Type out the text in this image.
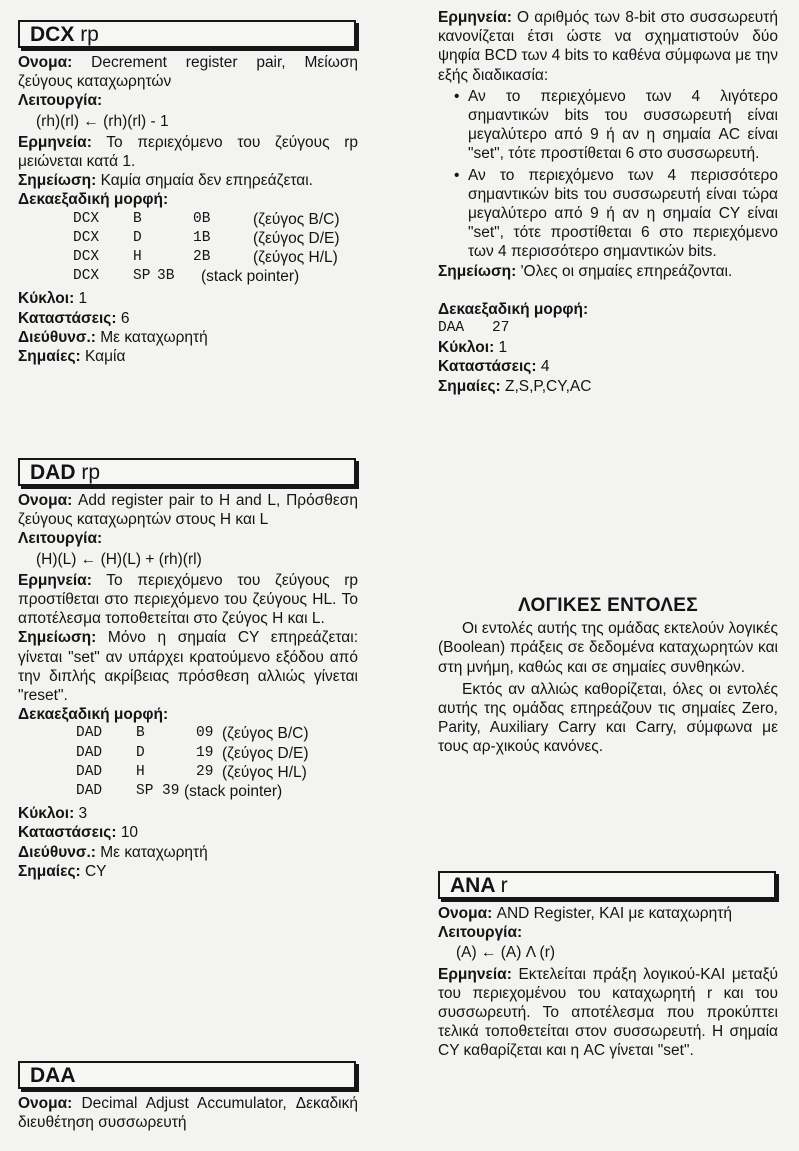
DCX rp

Ονομα: Decrement register pair, Μείωση ζεύγους καταχωρητών

Λειτουργία:

(rh)(rl) ← (rh)(rl) - 1

Ερμηνεία: Το περιεχόμενο του ζεύγους rp μειώνεται κατά 1.

Σημείωση: Καμία σημαία δεν επηρεάζεται.

Δεκαεξαδική μορφή:

DCX	B	0B	(ζεύγος B/C)
DCX	D	1B	(ζεύγος D/E)
DCX	H	2B	(ζεύγος H/L)
DCX	SP 3B	(stack pointer)

Κύκλοι: 1

Καταστάσεις: 6

Διεύθυνσ.: Με καταχωρητή

Σημαίες: Καμία

DAD rp

Ονομα: Add register pair to H and L, Πρόσθεση ζεύγους καταχωρητών στους H και L

Λειτουργία:

(H)(L) ← (H)(L) + (rh)(rl)

Ερμηνεία: Το περιεχόμενο του ζεύγους rp προστίθεται στο περιεχόμενο του ζεύγους HL. Το αποτέλεσμα τοποθετείται στο ζεύγος H και L.

Σημείωση: Μόνο η σημαία CY επηρεάζεται: γίνεται "set" αν υπάρχει κρατούμενο εξόδου από την διπλής ακρίβειας πρόσθεση αλλιώς γίνεται "reset".

Δεκαεξαδική μορφή:

DAD	B	09 (ζεύγος B/C)
DAD	D	19 (ζεύγος D/E)
DAD	H	29 (ζεύγος H/L)
DAD	SP 39 (stack pointer)

Κύκλοι: 3

Καταστάσεις: 10

Διεύθυνσ.: Με καταχωρητή

Σημαίες: CY

DAA

Ονομα: Decimal Adjust Accumulator, Δεκαδική διευθέτηση συσσωρευτή

Ερμηνεία: Ο αριθμός των 8-bit στο συσσωρευτή κανονίζεται έτσι ώστε να σχηματιστούν δύο ψηφία BCD των 4 bits το καθένα σύμφωνα με την εξής διαδικασία:

• Αν το περιεχόμενο των 4 λιγότερο σημαντικών bits του συσσωρευτή είναι μεγαλύτερο από 9 ή αν η σημαία AC είναι "set", τότε προστίθεται 6 στο συσσωρευτή.

• Αν το περιεχόμενο των 4 περισσότερο σημαντικών bits του συσσωρευτή είναι τώρα μεγαλύτερο από 9 ή αν η σημαία CY είναι "set", τότε προστίθεται 6 στο περιεχόμενο των 4 περισσότερο σημαντικών bits.

Σημείωση: 'Ολες οι σημαίες επηρεάζονται.

Δεκαεξαδική μορφή:

DAA	27

Κύκλοι: 1

Καταστάσεις: 4

Σημαίες: Z,S,P,CY,AC

ΛΟΓΙΚΕΣ ΕΝΤΟΛΕΣ

Οι εντολές αυτής της ομάδας εκτελούν λογικές (Boolean) πράξεις σε δεδομένα καταχωρητών και στη μνήμη, καθώς και σε σημαίες συνθηκών.

Εκτός αν αλλιώς καθορίζεται, όλες οι εντολές αυτής της ομάδας επηρεάζουν τις σημαίες Zero, Parity, Auxiliary Carry και Carry, σύμφωνα με τους αρ-χικούς κανόνες.

ANA r

Ονομα: AND Register, ΚΑΙ με καταχωρητή

Λειτουργία:

(A) ← (A) Λ (r)

Ερμηνεία: Εκτελείται πράξη λογικού-ΚΑΙ μεταξύ του περιεχομένου του καταχωρητή r και του συσσωρευτή. Το αποτέλεσμα που προκύπτει τελικά τοποθετείται στον συσσωρευτή. Η σημαία CY καθαρίζεται και η AC γίνεται "set".
